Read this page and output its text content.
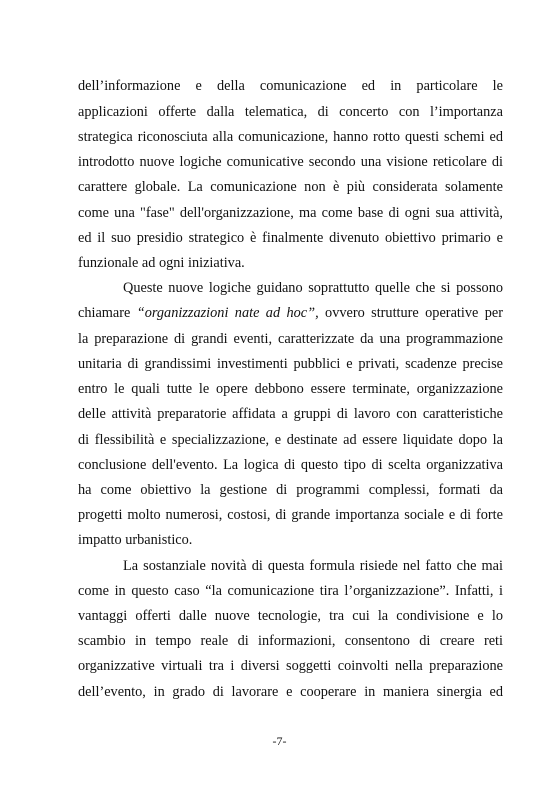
dell’informazione e della comunicazione ed in particolare le
applicazioni offerte dalla telematica, di concerto con l’importanza
strategica riconosciuta alla comunicazione, hanno rotto questi schemi ed
introdotto nuove logiche comunicative secondo una visione reticolare di
carattere globale. La comunicazione non è più considerata solamente
come una "fase" dell'organizzazione, ma come base di ogni sua attività,
ed il suo presidio strategico è finalmente divenuto obiettivo primario e
funzionale ad ogni iniziativa.
Queste nuove logiche guidano soprattutto quelle che si possono
chiamare “organizzazioni nate ad hoc”, ovvero strutture operative per
la preparazione di grandi eventi, caratterizzate da una programmazione
unitaria di grandissimi investimenti pubblici e privati, scadenze precise
entro le quali tutte le opere debbono essere terminate, organizzazione
delle attività preparatorie affidata a gruppi di lavoro con caratteristiche
di flessibilità e specializzazione, e destinate ad essere liquidate dopo la
conclusione dell'evento. La logica di questo tipo di scelta organizzativa
ha come obiettivo la gestione di programmi complessi, formati da
progetti molto numerosi, costosi, di grande importanza sociale e di forte
impatto urbanistico.
La sostanziale novità di questa formula risiede nel fatto che mai
come in questo caso “la comunicazione tira l’organizzazione”. Infatti, i
vantaggi offerti dalle nuove tecnologie, tra cui la condivisione e lo
scambio in tempo reale di informazioni, consentono di creare reti
organizzative virtuali tra i diversi soggetti coinvolti nella preparazione
dell’evento, in grado di lavorare e cooperare in maniera sinergia ed
-7-
